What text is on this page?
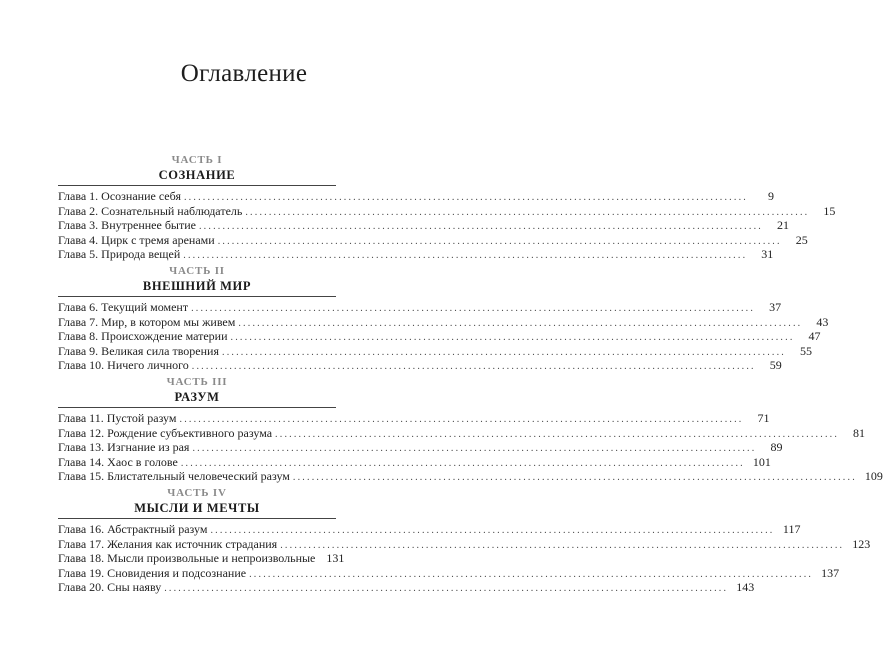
Оглавление
ЧАСТЬ I
СОЗНАНИЕ
Глава 1. Осознание себя ........................................................................................................................	9
Глава 2. Сознательный наблюдатель ........................................................................................................................	15
Глава 3. Внутреннее бытие ........................................................................................................................	21
Глава 4. Цирк с тремя аренами ........................................................................................................................	25
Глава 5. Природа вещей ........................................................................................................................	31
ЧАСТЬ II
ВНЕШНИЙ МИР
Глава 6. Текущий момент ........................................................................................................................	37
Глава 7. Мир, в котором мы живем ........................................................................................................................	43
Глава 8. Происхождение материи ........................................................................................................................	47
Глава 9. Великая сила творения ........................................................................................................................	55
Глава 10. Ничего личного ........................................................................................................................	59
ЧАСТЬ III
РАЗУМ
Глава 11. Пустой разум ........................................................................................................................	71
Глава 12. Рождение субъективного разума ........................................................................................................................	81
Глава 13. Изгнание из рая ........................................................................................................................	89
Глава 14. Хаос в голове ........................................................................................................................ 101
Глава 15. Блистательный человеческий разум ........................................................................................................................ 109
ЧАСТЬ IV
МЫСЛИ И МЕЧТЫ
Глава 16. Абстрактный разум ........................................................................................................................ 117
Глава 17. Желания как источник страдания ........................................................................................................................ 123
Глава 18. Мысли произвольные и непроизвольные 131
Глава 19. Сновидения и подсознание ........................................................................................................................ 137
Глава 20. Сны наяву ........................................................................................................................ 143
